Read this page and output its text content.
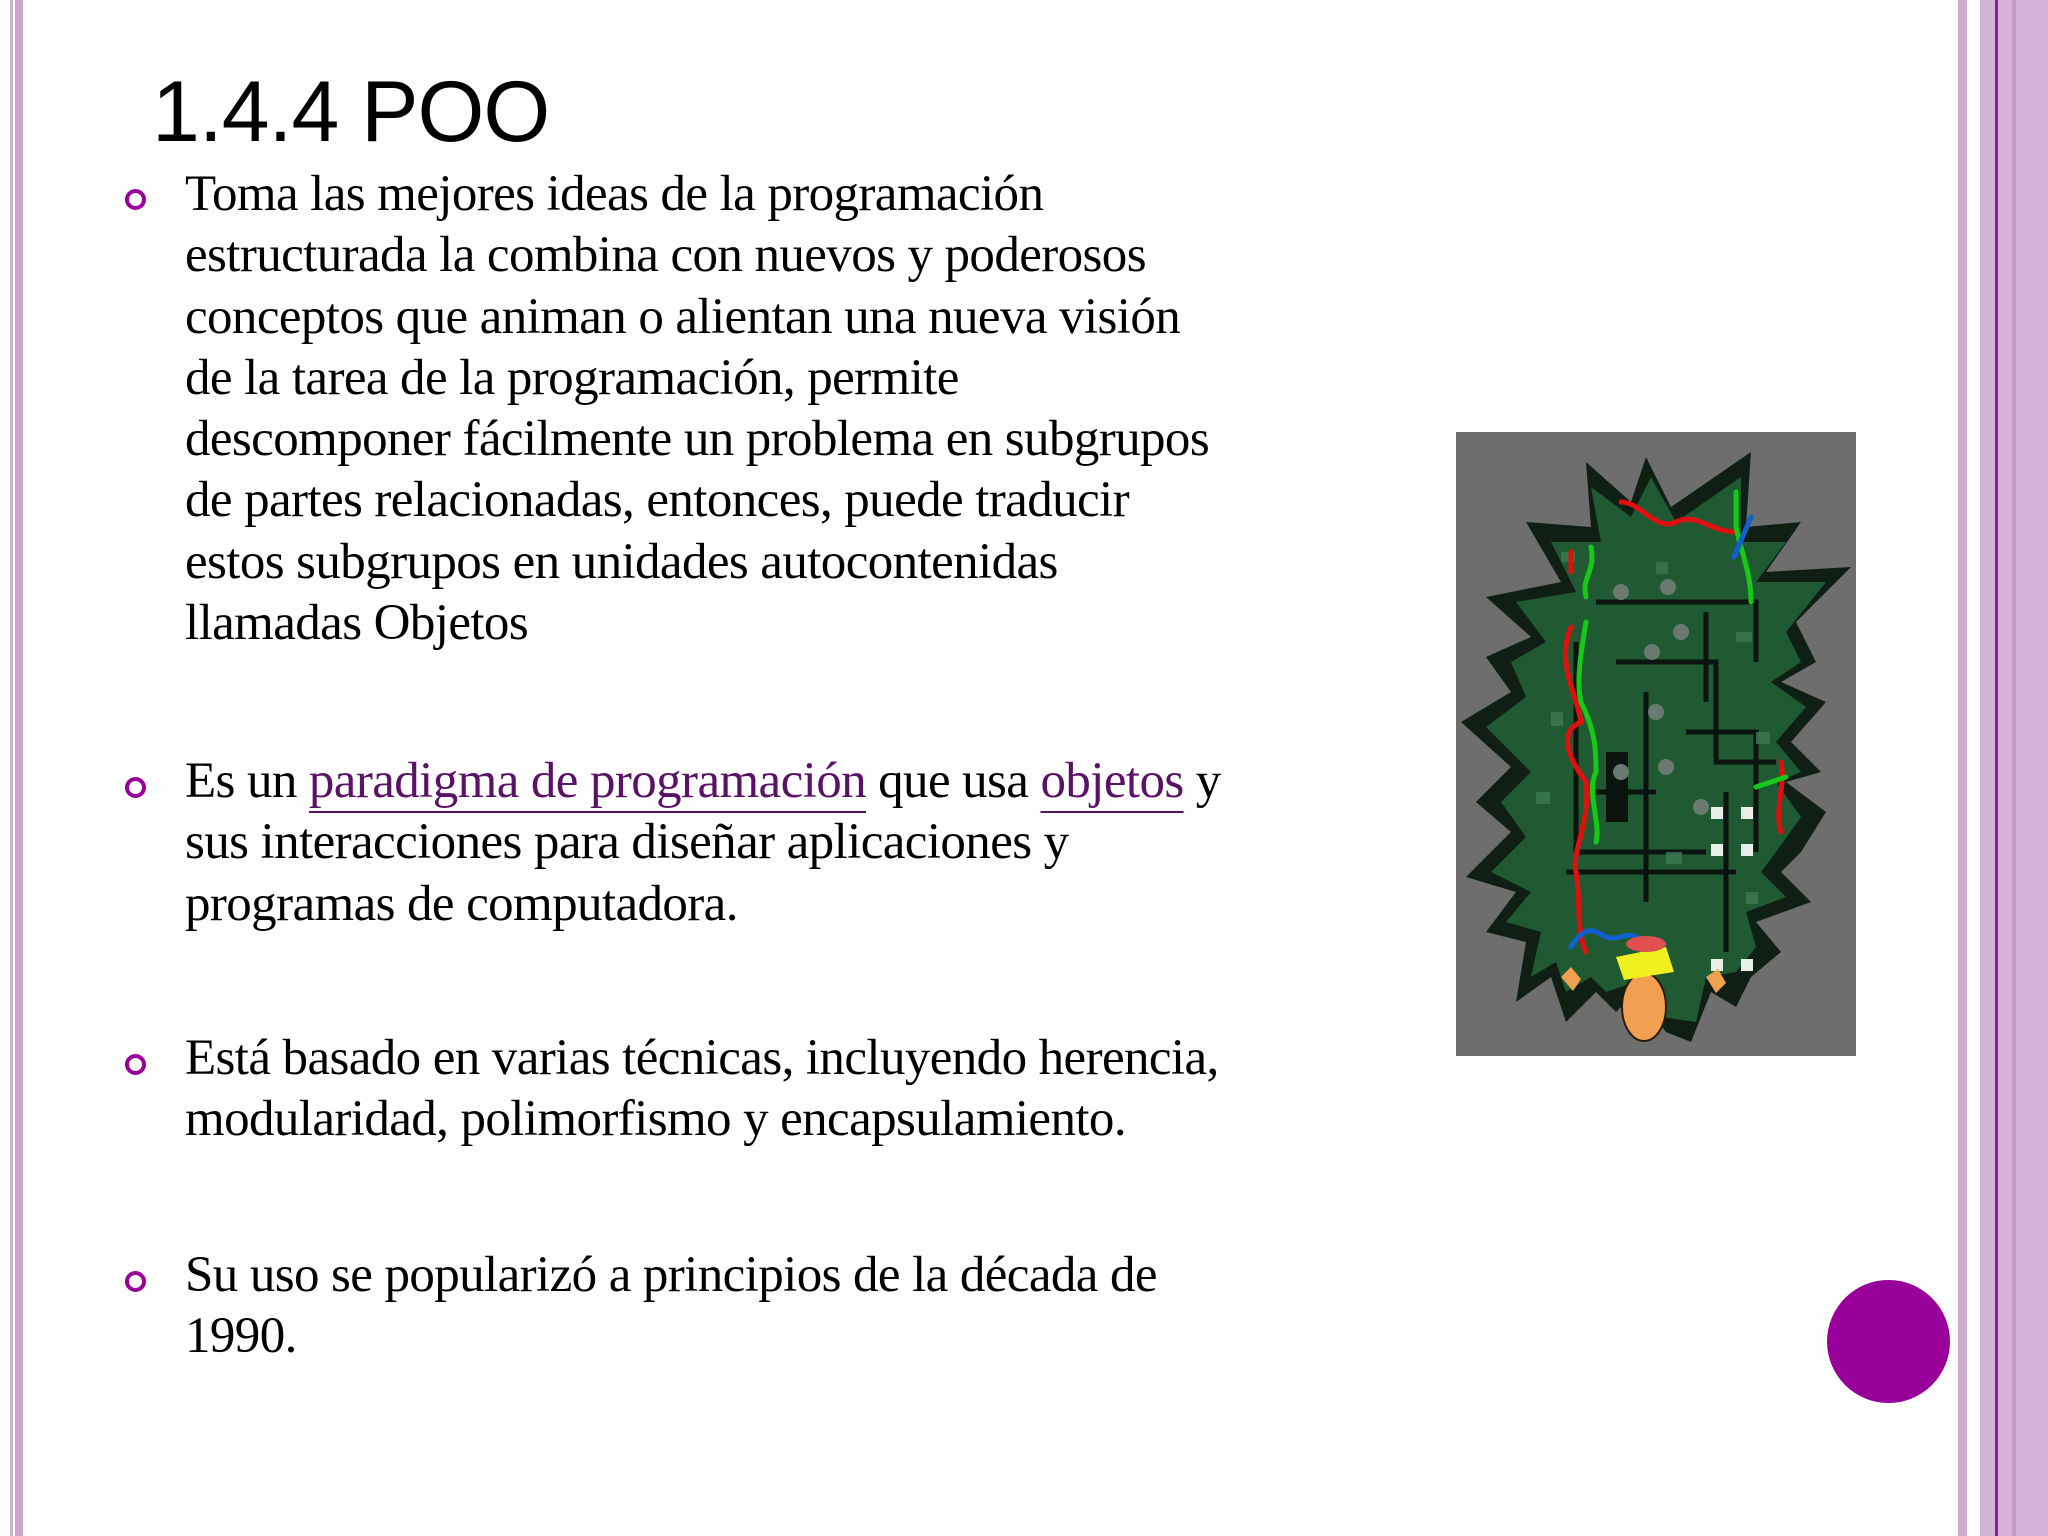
1.4.4 POO
Toma las mejores ideas de la programación
estructurada la combina con nuevos y poderosos
conceptos que animan o alientan una nueva visión
de la tarea de la programación, permite
descomponer fácilmente un problema en subgrupos
de partes relacionadas, entonces, puede traducir
estos subgrupos en unidades autocontenidas
llamadas Objetos
Es un paradigma de programación que usa objetos y
sus interacciones para diseñar aplicaciones y
programas de computadora.
Está basado en varias técnicas, incluyendo herencia,
modularidad, polimorfismo y encapsulamiento.
Su uso se popularizó a principios de la década de
1990.
